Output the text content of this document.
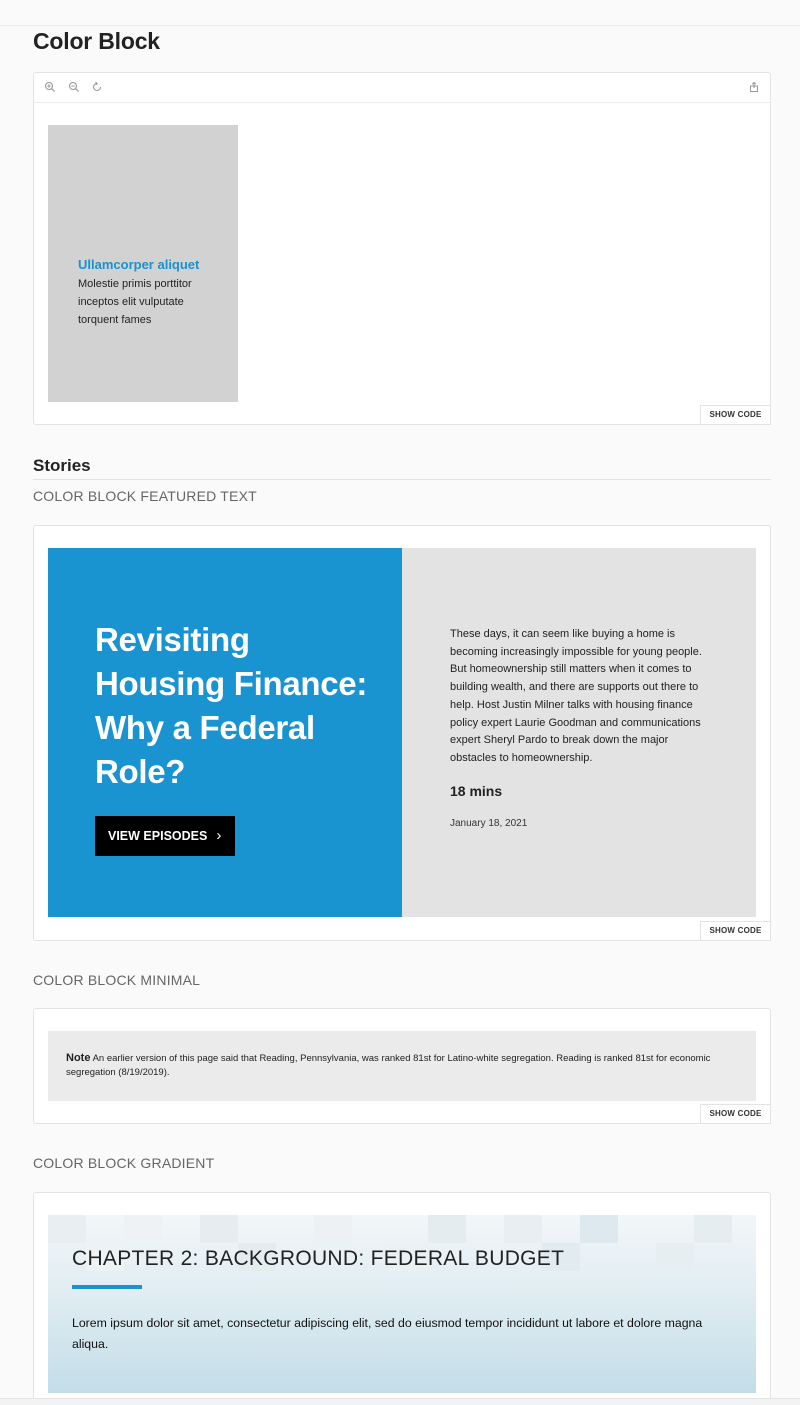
Color Block
Ullamcorper aliquet
Molestie primis porttitor inceptos elit vulputate torquent fames
SHOW CODE
Stories
COLOR BLOCK FEATURED TEXT
Revisiting Housing Finance: Why a Federal Role?
VIEW EPISODES ›
These days, it can seem like buying a home is becoming increasingly impossible for young people. But homeownership still matters when it comes to building wealth, and there are supports out there to help. Host Justin Milner talks with housing finance policy expert Laurie Goodman and communications expert Sheryl Pardo to break down the major obstacles to homeownership.
18 mins
January 18, 2021
SHOW CODE
COLOR BLOCK MINIMAL
Note An earlier version of this page said that Reading, Pennsylvania, was ranked 81st for Latino-white segregation. Reading is ranked 81st for economic segregation (8/19/2019).
SHOW CODE
COLOR BLOCK GRADIENT
CHAPTER 2: BACKGROUND: FEDERAL BUDGET
Lorem ipsum dolor sit amet, consectetur adipiscing elit, sed do eiusmod tempor incididunt ut labore et dolore magna aliqua.
